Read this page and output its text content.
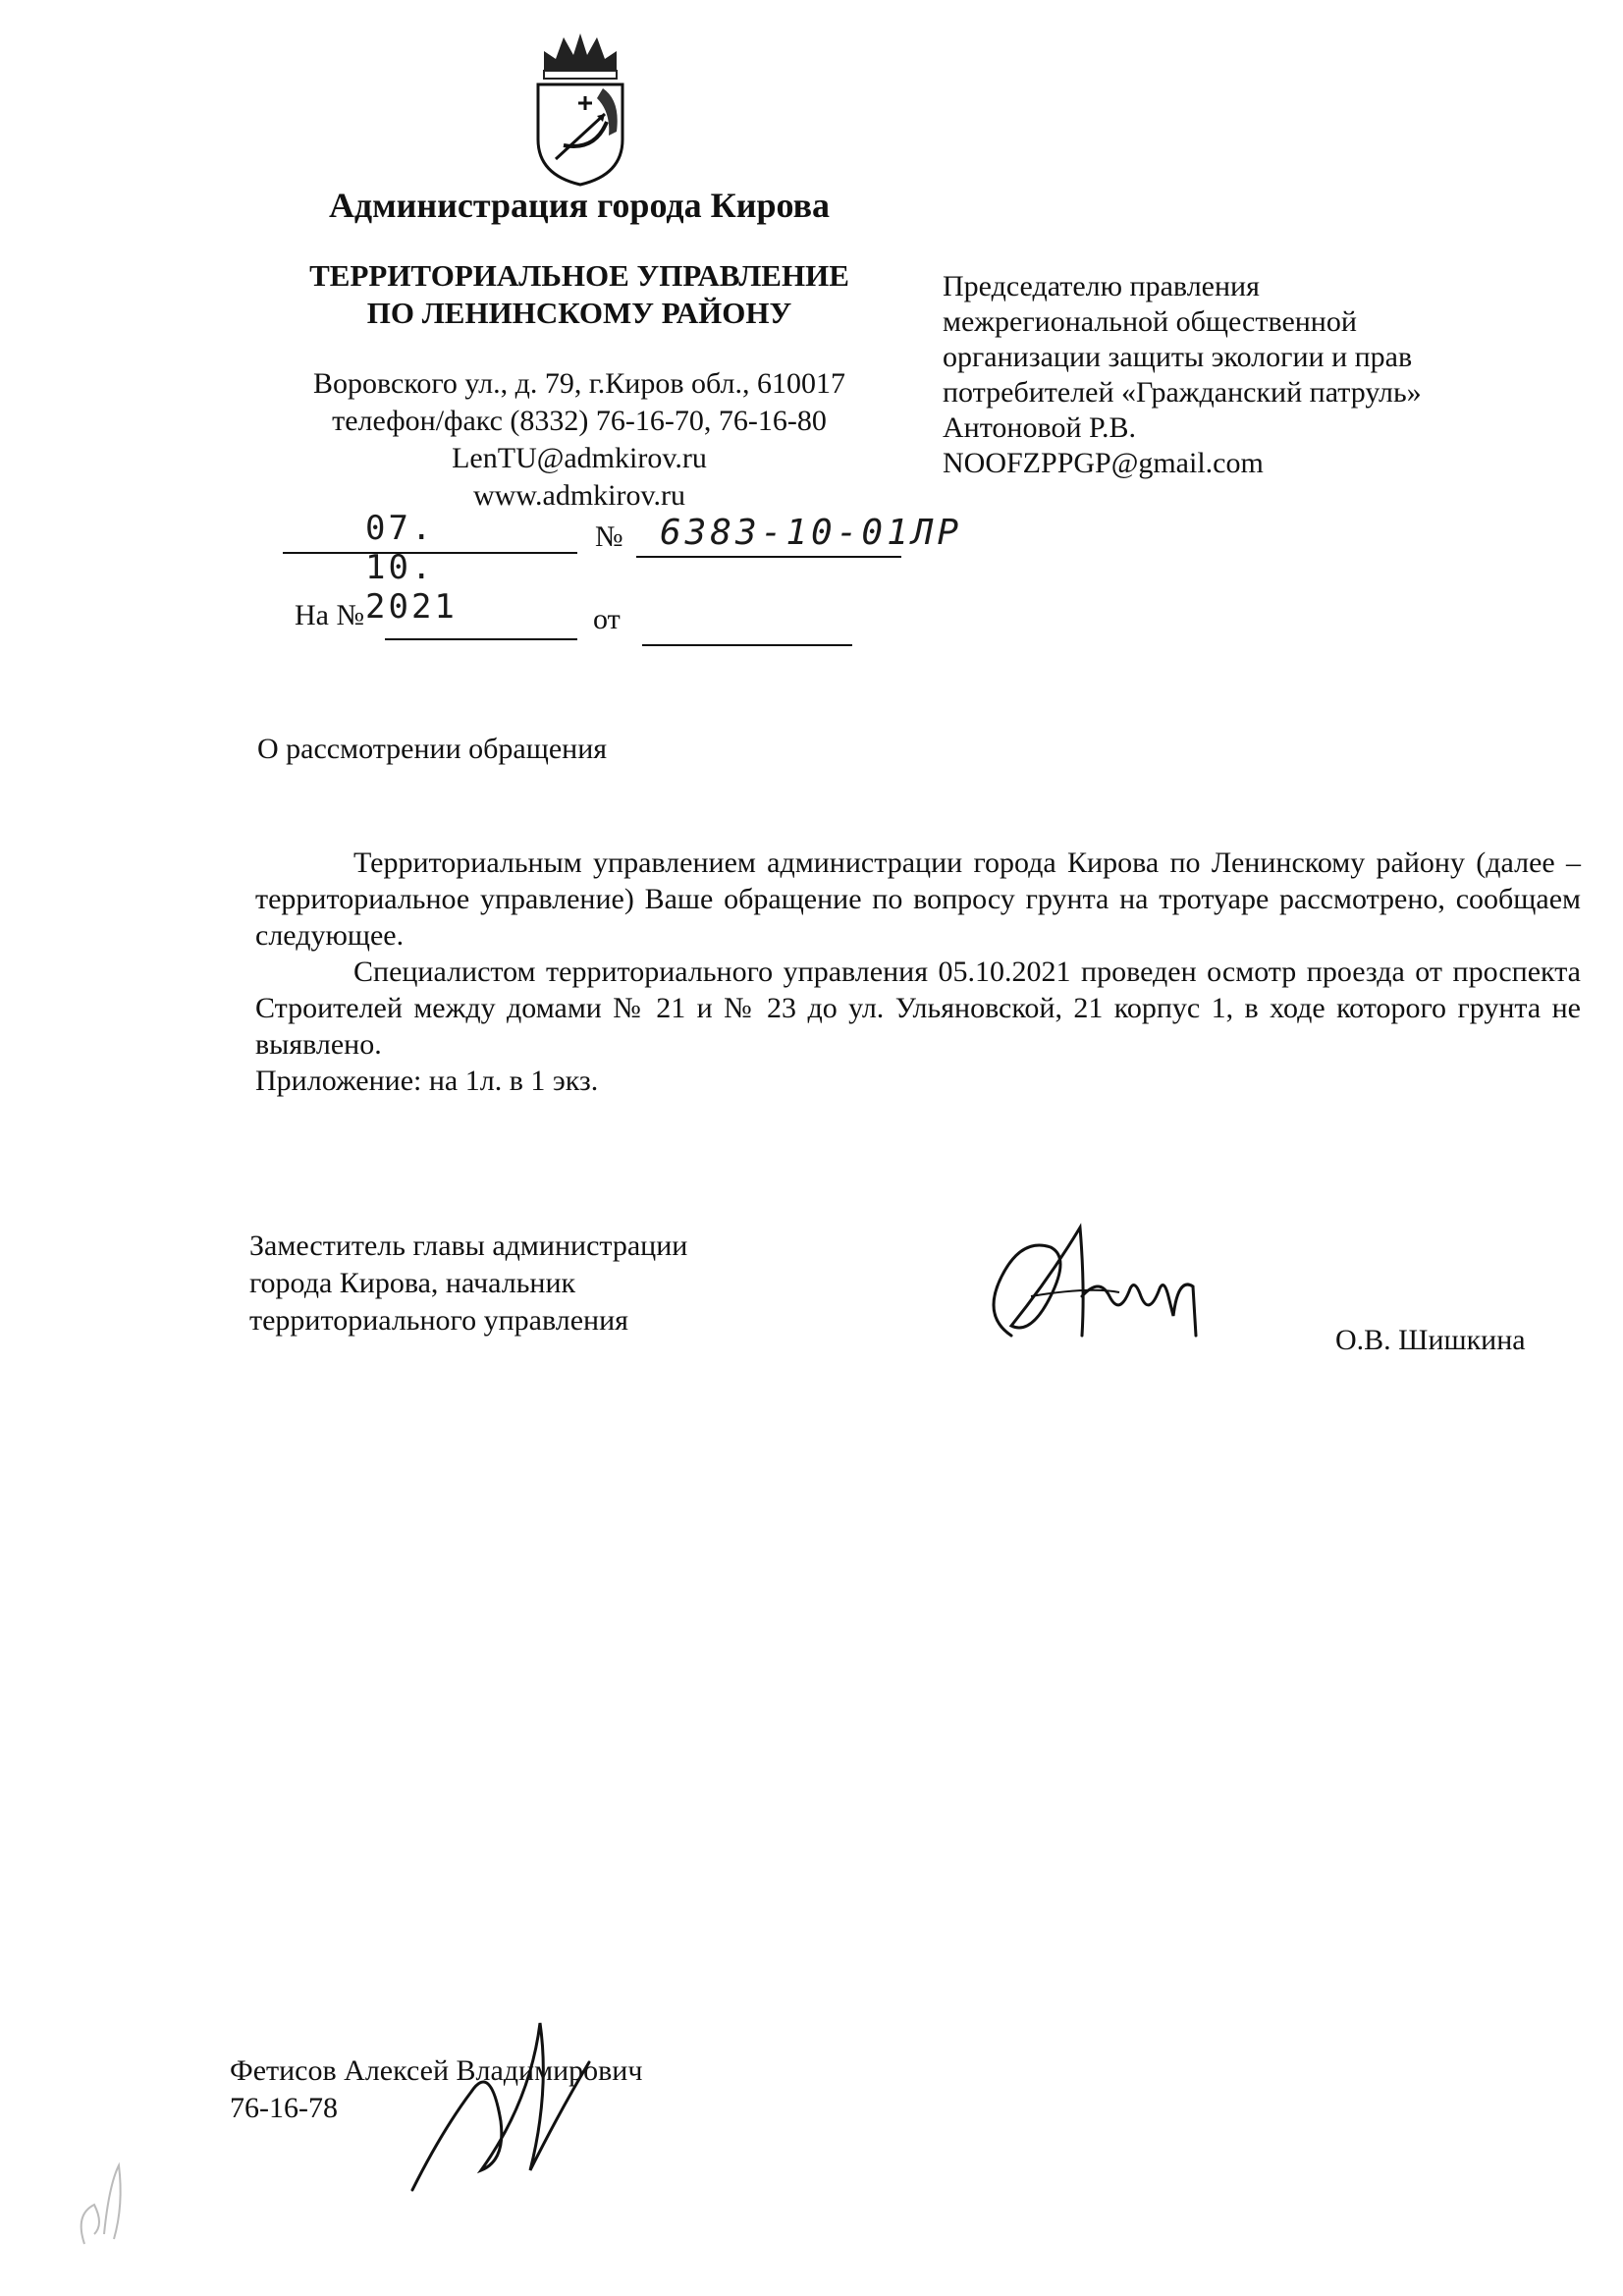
Администрация города Кирова
ТЕРРИТОРИАЛЬНОЕ УПРАВЛЕНИЕ
ПО ЛЕНИНСКОМУ РАЙОНУ
Воровского ул., д. 79, г.Киров обл., 610017
телефон/факс (8332) 76-16-70, 76-16-80
LenTU@admkirov.ru
www.admkirov.ru
07. 10. 2021
№ 6383-10-01ЛР
На №	от
Председателю правления
межрегиональной общественной
организации защиты экологии и прав
потребителей «Гражданский патруль»
Антоновой Р.В.
NOOFZPPGP@gmail.com
О рассмотрении обращения

Территориальным управлением администрации города Кирова по Ленинскому району (далее – территориальное управление) Ваше обращение по вопросу грунта на тротуаре рассмотрено, сообщаем следующее.

Специалистом территориального управления 05.10.2021 проведен осмотр проезда от проспекта Строителей между домами № 21 и № 23 до ул. Ульяновской, 21 корпус 1, в ходе которого грунта не выявлено.

Приложение: на 1л. в 1 экз.

Заместитель главы администрации
города Кирова, начальник
территориального управления
О.В. Шишкина
Фетисов Алексей Владимирович
76-16-78
